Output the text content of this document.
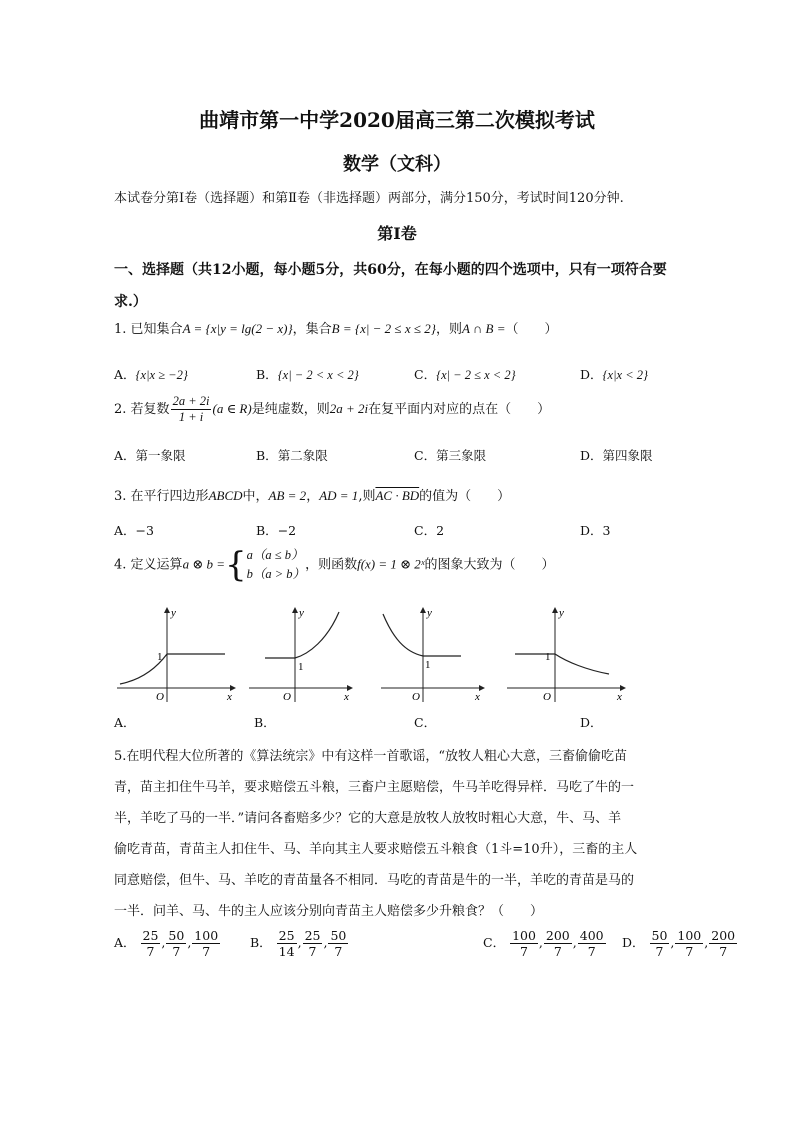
曲靖市第一中学2020届高三第二次模拟考试
数学（文科）
本试卷分第Ⅰ卷（选择题）和第Ⅱ卷（非选择题）两部分，满分150分，考试时间120分钟.
第Ⅰ卷
一、选择题（共12小题，每小题5分，共60分，在每小题的四个选项中，只有一项符合要
求.）
1. 已知集合A = {x|y = lg(2 − x)}，集合B = {x| − 2 ≤ x ≤ 2}，则A ∩ B =（　　）
A．{x|x ≥ −2}	B．{x| − 2 < x < 2}	C．{x| − 2 ≤ x < 2}	D．{x|x < 2}
2. 若复数 $\frac{2a + 2i}{1 + i} (a$ ∈ R)是纯虚数，则2a + 2i在复平面内对应的点在（　　）
A．第一象限	B．第二象限	C．第三象限	D．第四象限
3. 在平行四边形ABCD中，AB = 2，AD = 1,则AC · BD的值为（　　）
A．−3	B．−2	C．2	D．3
4. 定义运算a ⊗ b ={ a（a ≤ b）
b（a > b）
，则函数f(x) = 1 ⊗ 2ˣ的图象大致为（　　）
y
x
O
1
y
x
O
1
y
x
O
1
y
x
O
1
A．	B．	C．	D．
5.在明代程大位所著的《算法统宗》中有这样一首歌谣，“放牧人粗心大意，三畜偷偷吃苗
青，苗主扣住牛马羊，要求赔偿五斗粮，三畜户主愿赔偿，牛马羊吃得异样．马吃了牛的一
半，羊吃了马的一半．”请问各畜赔多少？它的大意是放牧人放牧时粗心大意，牛、马、羊
偷吃青苗，青苗主人扣住牛、马、羊向其主人要求赔偿五斗粮食（1斗=10升），三畜的主人
同意赔偿，但牛、马、羊吃的青苗量各不相同．马吃的青苗是牛的一半，羊吃的青苗是马的
一半．问羊、马、牛的主人应该分别向青苗主人赔偿多少升粮食？（　　）
A． $\frac{25}{7}$ , $\frac{50}{7}$ , $\frac{100}{7}$ B． $\frac{25}{14}$ , $\frac{25}{7}$ , $\frac{50}{7}$	C． $\frac{100}{7}$ , $\frac{200}{7}$ , $\frac{400}{7}$ D． $\frac{50}{7}$ , $\frac{100}{7}$ , $\frac{200}{7}$
